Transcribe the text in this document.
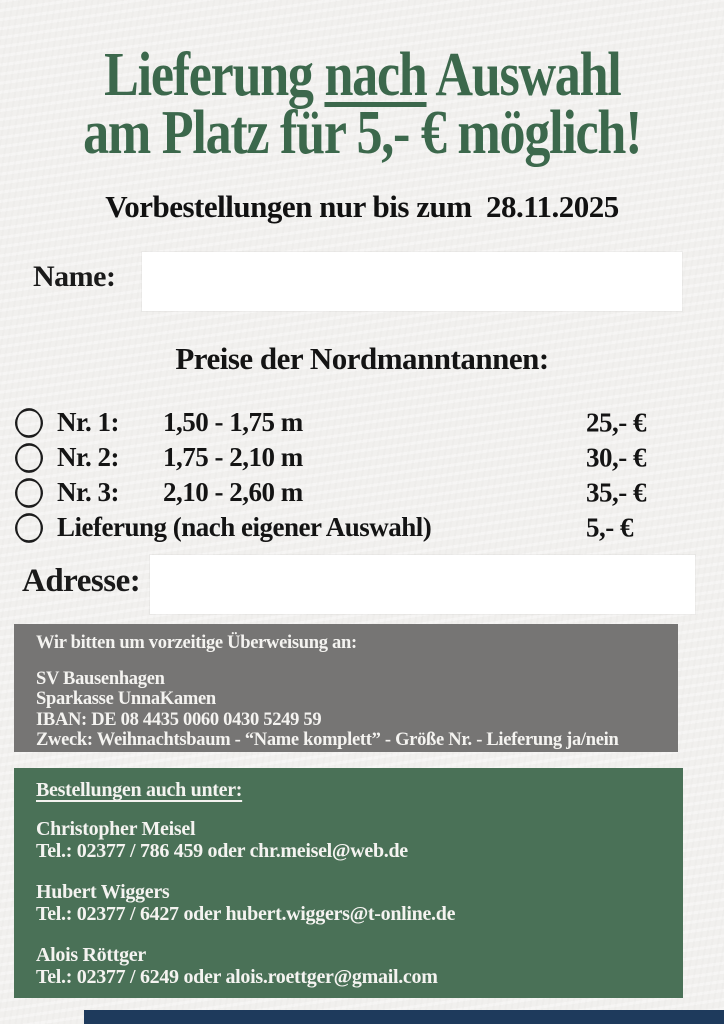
Lieferung nach Auswahl
am Platz für 5,- € möglich!
Vorbestellungen nur bis zum  28.11.2025
Name:
Preise der Nordmanntannen:
Nr. 1:	1,50 - 1,75 m	25,- €
Nr. 2:	1,75 - 2,10 m	30,- €
Nr. 3:	2,10 - 2,60 m	35,- €
Lieferung (nach eigener Auswahl)	5,- €
Adresse:

Wir bitten um vorzeitige Überweisung an:

SV Bausenhagen

Sparkasse UnnaKamen

IBAN: DE 08 4435 0060 0430 5249 59

Zweck: Weihnachtsbaum - “Name komplett” - Größe Nr. - Lieferung ja/nein

Bestellungen auch unter:

Christopher Meisel

Tel.: 02377 / 786 459 oder chr.meisel@web.de

Hubert Wiggers

Tel.: 02377 / 6427 oder hubert.wiggers@t-online.de

Alois Röttger

Tel.: 02377 / 6249 oder alois.roettger@gmail.com
